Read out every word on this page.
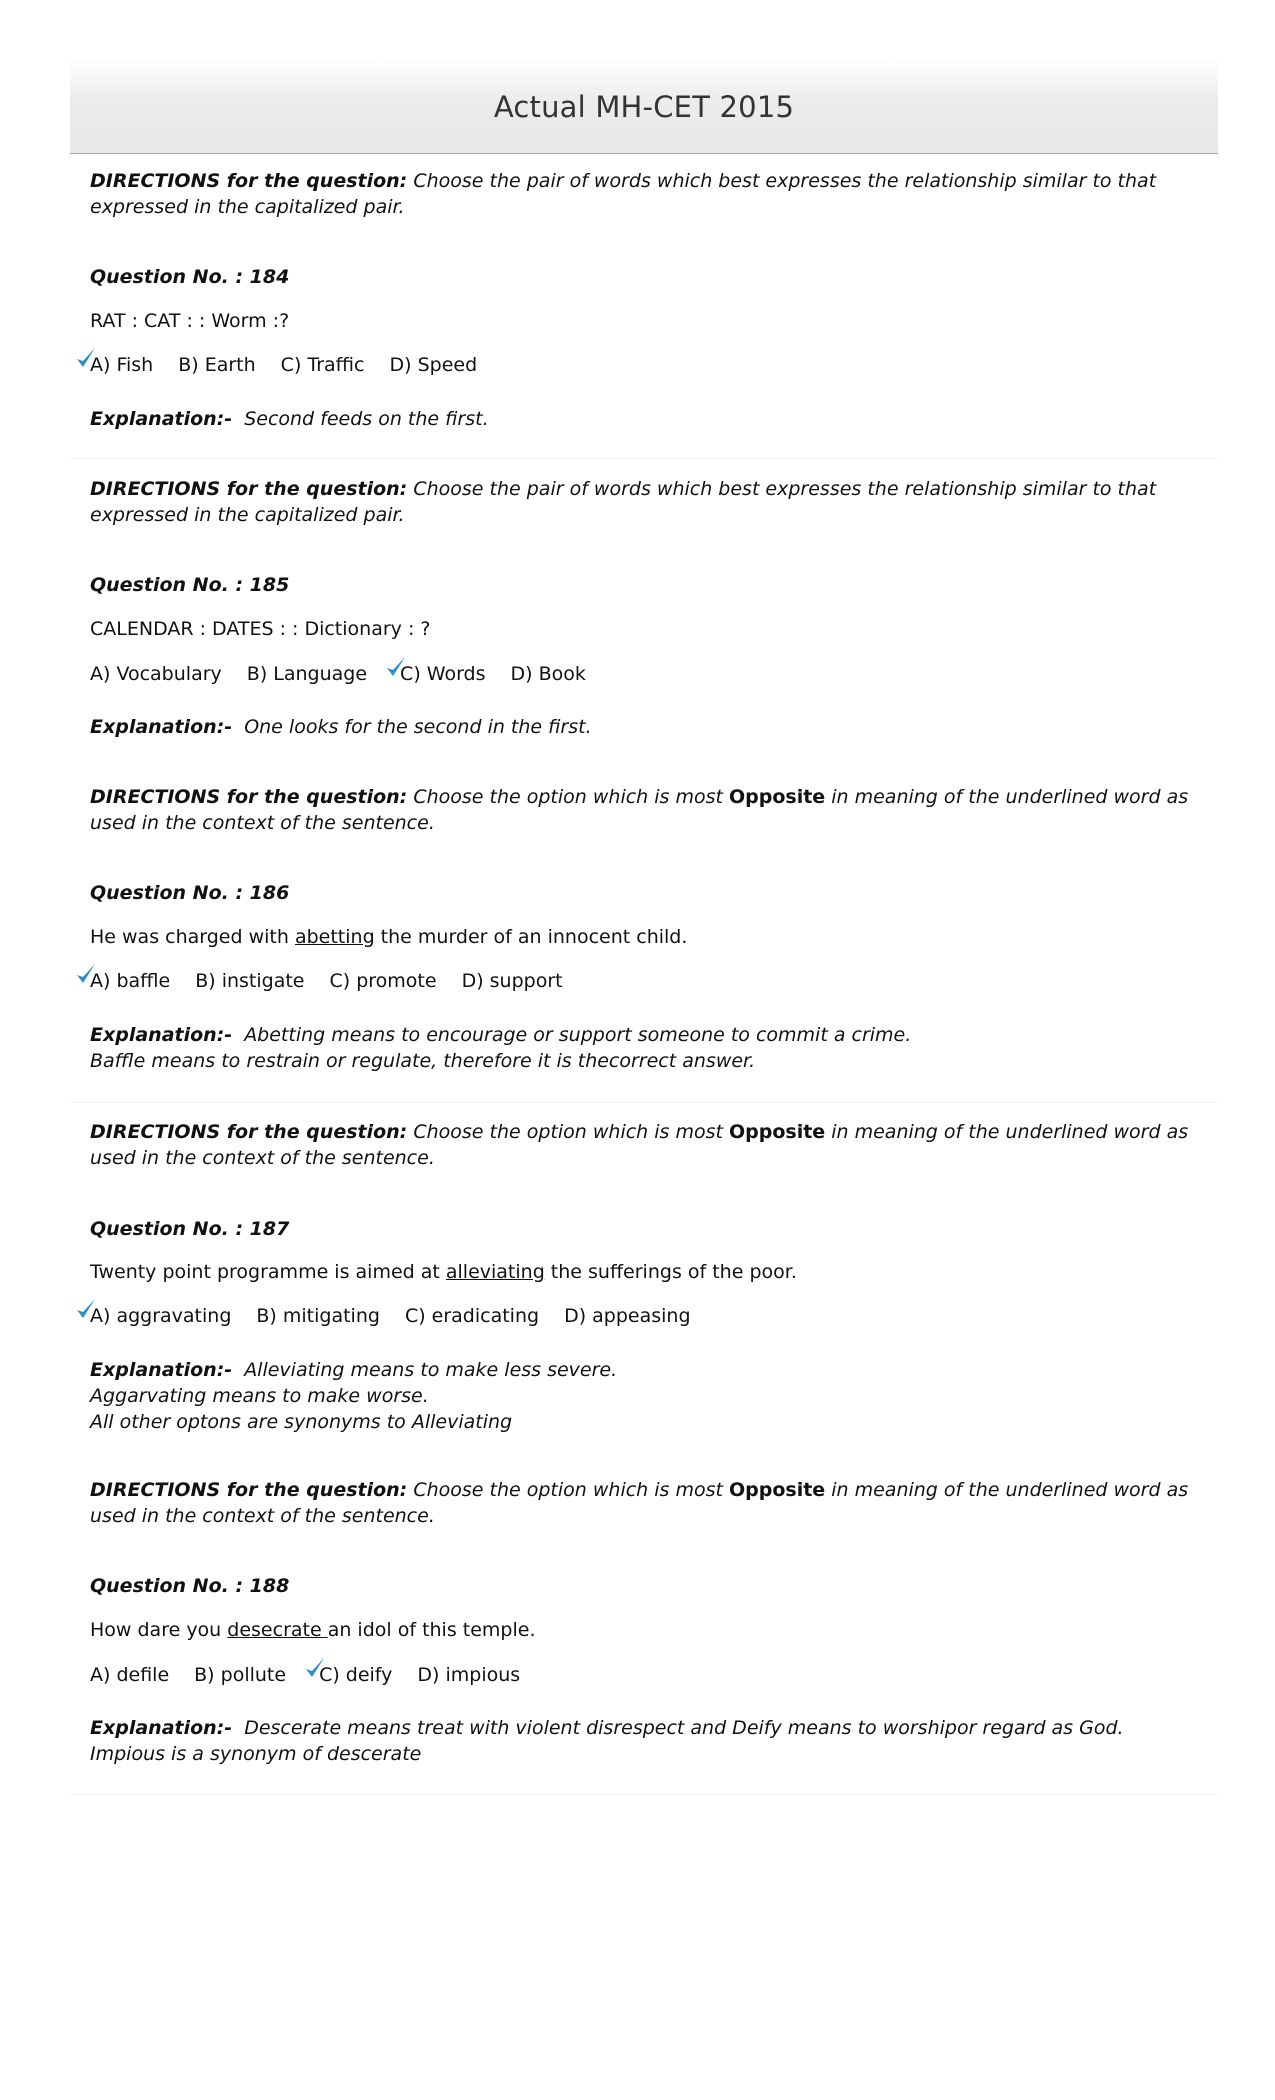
Actual MH-CET 2015
DIRECTIONS for the question: Choose the pair of words which best expresses the relationship similar to that expressed in the capitalized pair.
Question No. : 184
RAT : CAT : : Worm :?
A) Fish B) Earth C) Traffic D) Speed
Explanation:- Second feeds on the first.
DIRECTIONS for the question: Choose the pair of words which best expresses the relationship similar to that expressed in the capitalized pair.
Question No. : 185
CALENDAR : DATES : : Dictionary : ?
A) Vocabulary B) Language C) Words D) Book
Explanation:- One looks for the second in the first.
DIRECTIONS for the question: Choose the option which is most Opposite in meaning of the underlined word as used in the context of the sentence.
Question No. : 186
He was charged with abetting the murder of an innocent child.
A) baffle B) instigate C) promote D) support
Explanation:- Abetting means to encourage or support someone to commit a crime.
Baffle means to restrain or regulate, therefore it is thecorrect answer.
DIRECTIONS for the question: Choose the option which is most Opposite in meaning of the underlined word as used in the context of the sentence.
Question No. : 187
Twenty point programme is aimed at alleviating the sufferings of the poor.
A) aggravating B) mitigating C) eradicating D) appeasing
Explanation:- Alleviating means to make less severe.
Aggarvating means to make worse.
All other optons are synonyms to Alleviating
DIRECTIONS for the question: Choose the option which is most Opposite in meaning of the underlined word as used in the context of the sentence.
Question No. : 188
How dare you desecrate an idol of this temple.
A) defile B) pollute C) deify D) impious
Explanation:- Descerate means treat with violent disrespect and Deify means to worshipor regard as God.
Impious is a synonym of descerate
